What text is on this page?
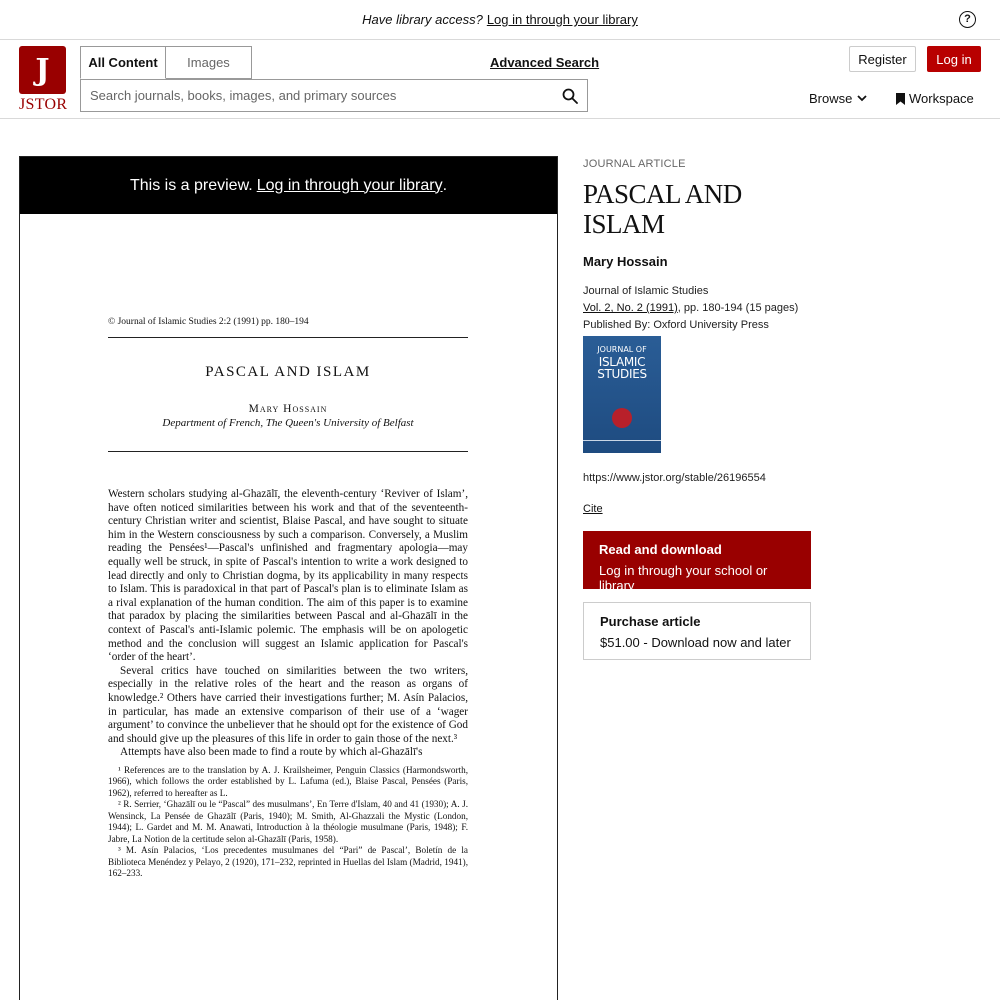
Have library access? Log in through your library	?
J
JSTOR
All Content	Images	Advanced Search
Search journals, books, images, and primary sources	Register	Log in
Browse	Workspace
This is a preview. Log in through your library .
© Journal of Islamic Studies 2:2 (1991) pp. 180–194
PASCAL AND ISLAM
Mary Hossain
Department of French, The Queen's University of Belfast

Western scholars studying al-Ghazālī, the eleventh-century ‘Reviver of Islam’, have often noticed similarities between his work and that of the seventeenth-century Christian writer and scientist, Blaise Pascal, and have sought to situate him in the Western consciousness by such a comparison. Conversely, a Muslim reading the Pensées¹—Pascal's unfinished and fragmentary apologia—may equally well be struck, in spite of Pascal's intention to write a work designed to lead directly and only to Christian dogma, by its applicability in many respects to Islam. This is paradoxical in that part of Pascal's plan is to eliminate Islam as a rival explanation of the human condition. The aim of this paper is to examine that paradox by placing the similarities between Pascal and al-Ghazālī in the context of Pascal's anti-Islamic polemic. The emphasis will be on apologetic method and the conclusion will suggest an Islamic application for Pascal's ‘order of the heart’.

Several critics have touched on similarities between the two writers, especially in the relative roles of the heart and the reason as organs of knowledge.² Others have carried their investigations further; M. Asín Palacios, in particular, has made an extensive comparison of their use of a ‘wager argument’ to convince the unbeliever that he should opt for the existence of God and should give up the pleasures of this life in order to gain those of the next.³

Attempts have also been made to find a route by which al-Ghazālī's

¹ References are to the translation by A. J. Krailsheimer, Penguin Classics (Harmondsworth, 1966), which follows the order established by L. Lafuma (ed.), Blaise Pascal, Pensées (Paris, 1962), referred to hereafter as L.

² R. Serrier, ‘Ghazālī ou le “Pascal” des musulmans’, En Terre d'Islam, 40 and 41 (1930); A. J. Wensinck, La Pensée de Ghazālī (Paris, 1940); M. Smith, Al-Ghazzali the Mystic (London, 1944); L. Gardet and M. M. Anawati, Introduction à la théologie musulmane (Paris, 1948); F. Jabre, La Notion de la certitude selon al-Ghazālī (Paris, 1958).

³ M. Asín Palacios, ‘Los precedentes musulmanes del “Pari” de Pascal’, Boletín de la Biblioteca Menéndez y Pelayo, 2 (1920), 171–232, reprinted in Huellas del Islam (Madrid, 1941), 162–233.

JOURNAL ARTICLE
PASCAL AND ISLAM
Mary Hossain
Journal of Islamic Studies
Vol. 2, No. 2 (1991), pp. 180-194 (15 pages)
Published By: Oxford University Press
JOURNAL OF
ISLAMIC
STUDIES
https://www.jstor.org/stable/26196554
Cite
Read and download
Log in through your school or library
Purchase article
$51.00 - Download now and later
